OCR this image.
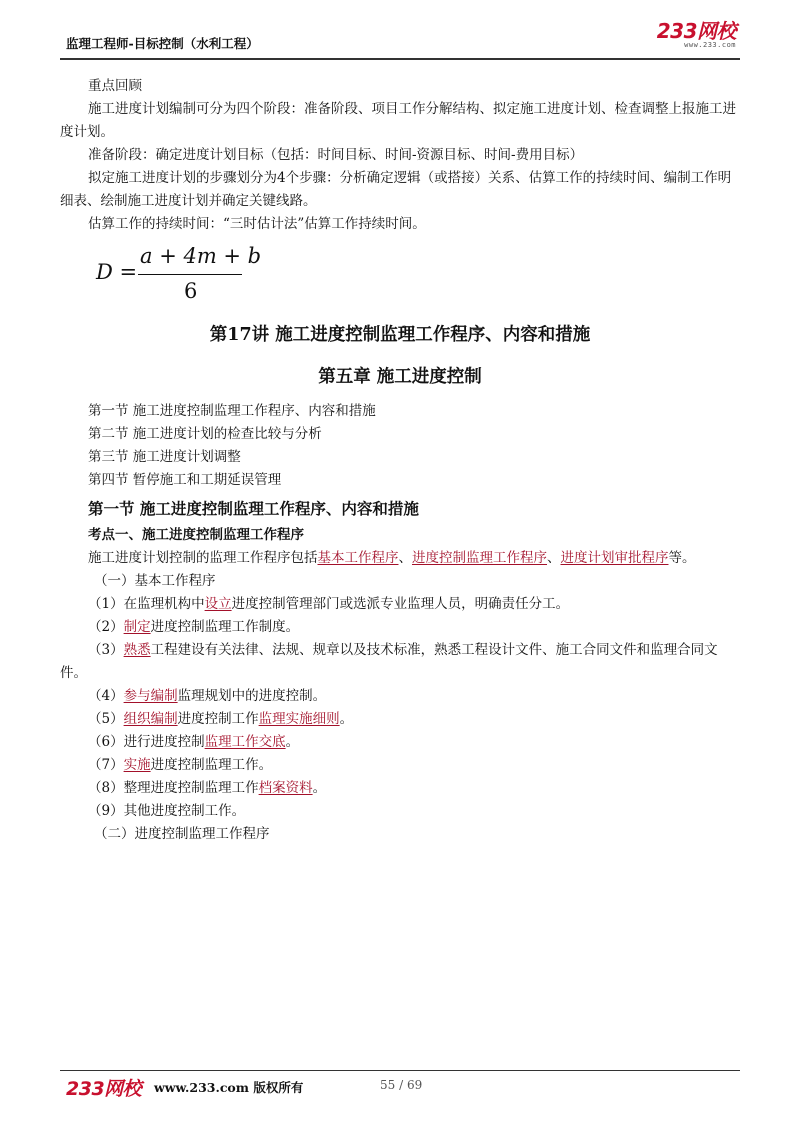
监理工程师-目标控制（水利工程）
233网校
www.233.com

重点回顾

施工进度计划编制可分为四个阶段：准备阶段、项目工作分解结构、拟定施工进度计划、检查调整上报施工进度计划。

准备阶段：确定进度计划目标（包括：时间目标、时间-资源目标、时间-费用目标）

拟定施工进度计划的步骤划分为4个步骤：分析确定逻辑（或搭接）关系、估算工作的持续时间、编制工作明细表、绘制施工进度计划并确定关键线路。

估算工作的持续时间：“三时估计法”估算工作持续时间。

D =
a + 4m + b
6
第17讲 施工进度控制监理工作程序、内容和措施
第五章 施工进度控制
第一节 施工进度控制监理工作程序、内容和措施
第二节 施工进度计划的检查比较与分析
第三节 施工进度计划调整
第四节 暂停施工和工期延误管理
第一节 施工进度控制监理工作程序、内容和措施
考点一、施工进度控制监理工作程序

施工进度计划控制的监理工作程序包括基本工作程序、进度控制监理工作程序、进度计划审批程序等。

（一）基本工作程序

（1）在监理机构中设立进度控制管理部门或选派专业监理人员，明确责任分工。

（2）制定进度控制监理工作制度。

（3）熟悉工程建设有关法律、法规、规章以及技术标准，熟悉工程设计文件、施工合同文件和监理合同文件。

（4）参与编制监理规划中的进度控制。

（5）组织编制进度控制工作监理实施细则。

（6）进行进度控制监理工作交底。

（7）实施进度控制监理工作。

（8）整理进度控制监理工作档案资料。

（9）其他进度控制工作。

（二）进度控制监理工作程序

233网校 www.233.com 版权所有	55 / 69
